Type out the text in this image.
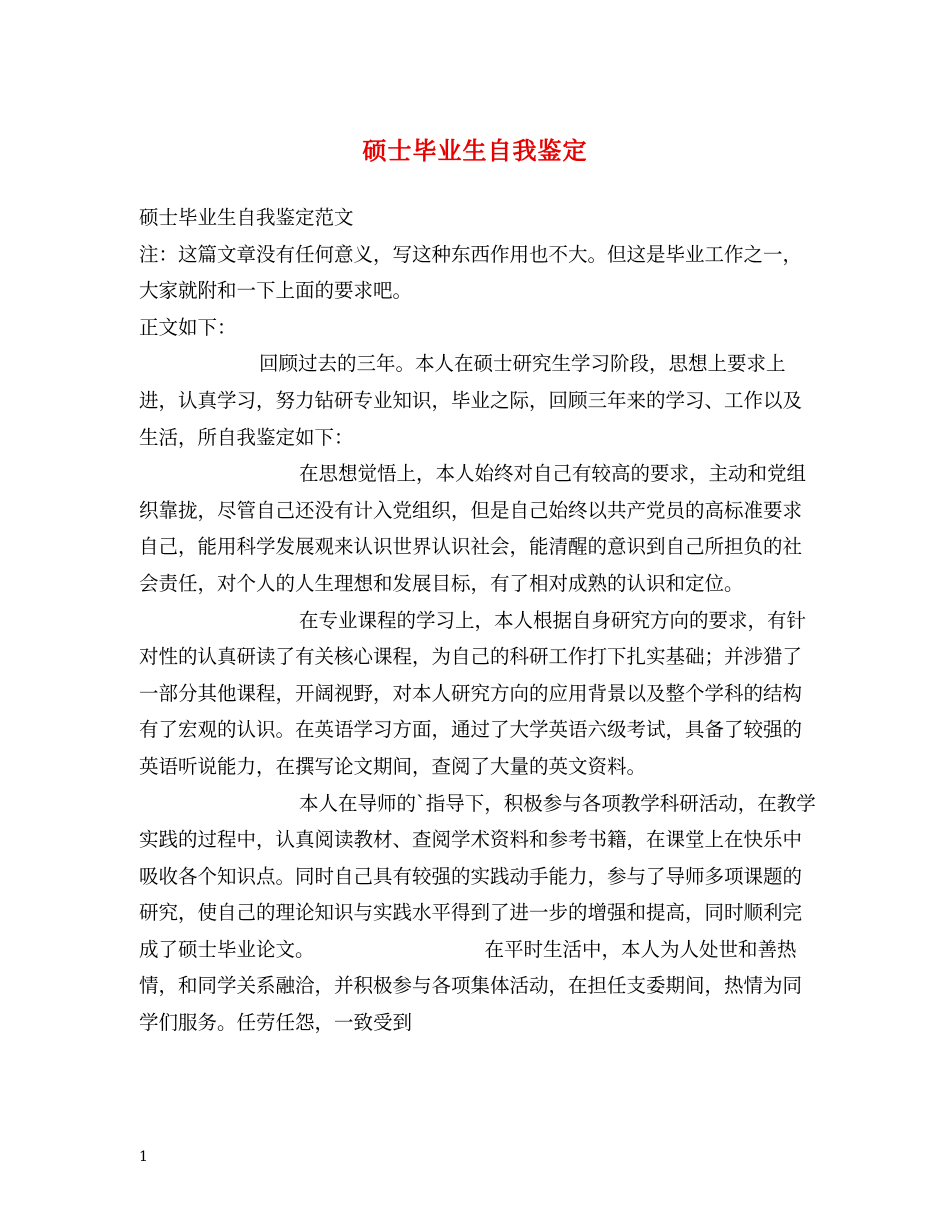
硕士毕业生自我鉴定

硕士毕业生自我鉴定范文

注：这篇文章没有任何意义，写这种东西作用也不大。但这是毕业工作之一，大家就附和一下上面的要求吧。

正文如下：

回顾过去的三年。本人在硕士研究生学习阶段，思想上要求上进，认真学习，努力钻研专业知识，毕业之际，回顾三年来的学习、工作以及生活，所自我鉴定如下：

在思想觉悟上，本人始终对自己有较高的要求，主动和党组织靠拢，尽管自己还没有计入党组织，但是自己始终以共产党员的高标准要求自己，能用科学发展观来认识世界认识社会，能清醒的意识到自己所担负的社会责任，对个人的人生理想和发展目标，有了相对成熟的认识和定位。

在专业课程的学习上，本人根据自身研究方向的要求，有针对性的认真研读了有关核心课程，为自己的科研工作打下扎实基础；并涉猎了一部分其他课程，开阔视野，对本人研究方向的应用背景以及整个学科的结构有了宏观的认识。在英语学习方面，通过了大学英语六级考试，具备了较强的英语听说能力，在撰写论文期间，查阅了大量的英文资料。

本人在导师的`指导下，积极参与各项教学科研活动，在教学实践的过程中，认真阅读教材、查阅学术资料和参考书籍，在课堂上在快乐中吸收各个知识点。同时自己具有较强的实践动手能力，参与了导师多项课题的研究，使自己的理论知识与实践水平得到了进一步的增强和提高，同时顺利完成了硕士毕业论文。	在平时生活中，本人为人处世和善热情，和同学关系融洽，并积极参与各项集体活动，在担任支委期间，热情为同学们服务。任劳任怨，一致受到

1
